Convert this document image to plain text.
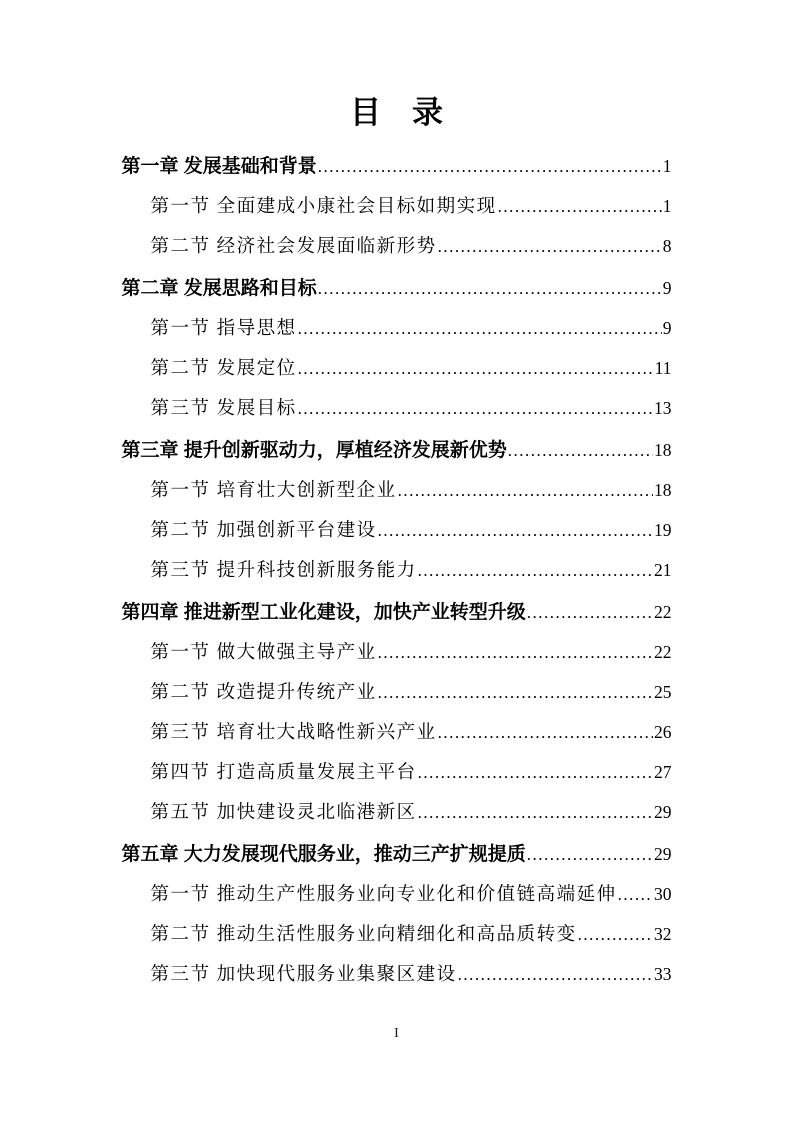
目　录
第一章 发展基础和背景 .....	1
第一节 全面建成小康社会目标如期实现 .....	1
第二节 经济社会发展面临新形势 .....	8
第二章 发展思路和目标 .....	9
第一节 指导思想 .....	9
第二节 发展定位 .....	11
第三节 发展目标 .....	13
第三章 提升创新驱动力，厚植经济发展新优势 .....	18
第一节 培育壮大创新型企业 .....	18
第二节 加强创新平台建设 .....	19
第三节 提升科技创新服务能力 .....	21
第四章 推进新型工业化建设，加快产业转型升级 .....	22
第一节 做大做强主导产业 .....	22
第二节 改造提升传统产业 .....	25
第三节 培育壮大战略性新兴产业 .....	26
第四节 打造高质量发展主平台 .....	27
第五节 加快建设灵北临港新区 .....	29
第五章 大力发展现代服务业，推动三产扩规提质 .....	29
第一节 推动生产性服务业向专业化和价值链高端延伸 ..... 30
第二节 推动生活性服务业向精细化和高品质转变 .....	32
第三节 加快现代服务业集聚区建设 .....	33
I
